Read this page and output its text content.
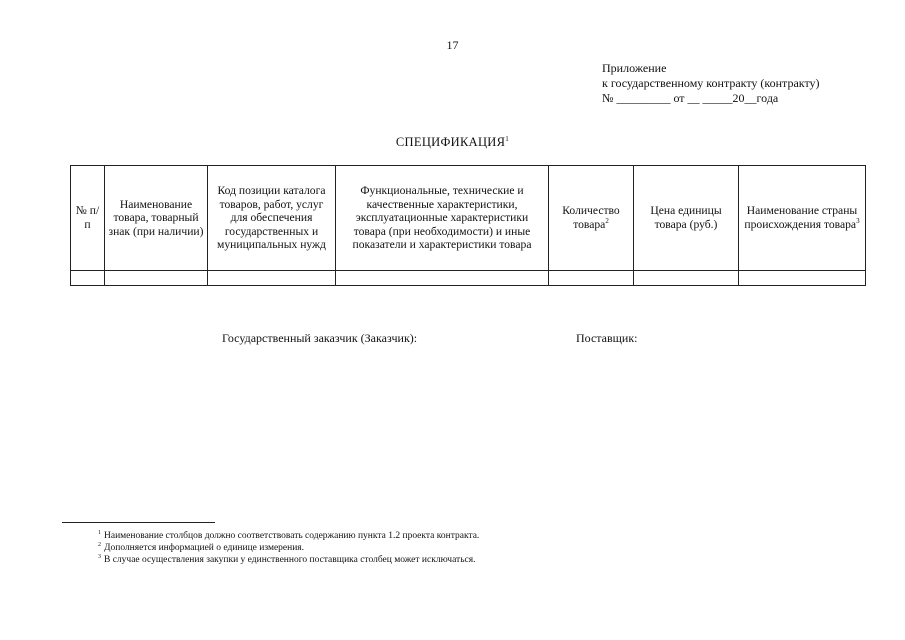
17
Приложение
к государственному контракту (контракту)
№ _________ от __ _____20__года
СПЕЦИФИКАЦИЯ$^1$
№ п/п	Наименование товара, товарный знак (при наличии)	Код позиции каталога товаров, работ, услуг для обеспечения государственных и муниципальных нужд	Функциональные, технические и качественные характеристики, эксплуатационные характеристики товара (при необходимости) и иные показатели и характеристики товара	Количество товара$^2$	Цена единицы товара (руб.)	Наименование страны происхождения товара$^3$

Государственный заказчик (Заказчик):	Поставщик:
$^1$ Наименование столбцов должно соответствовать содержанию пункта 1.2 проекта контракта.
$^2$ Дополняется информацией о единице измерения.
$^3$ В случае осуществления закупки у единственного поставщика столбец может исключаться.
